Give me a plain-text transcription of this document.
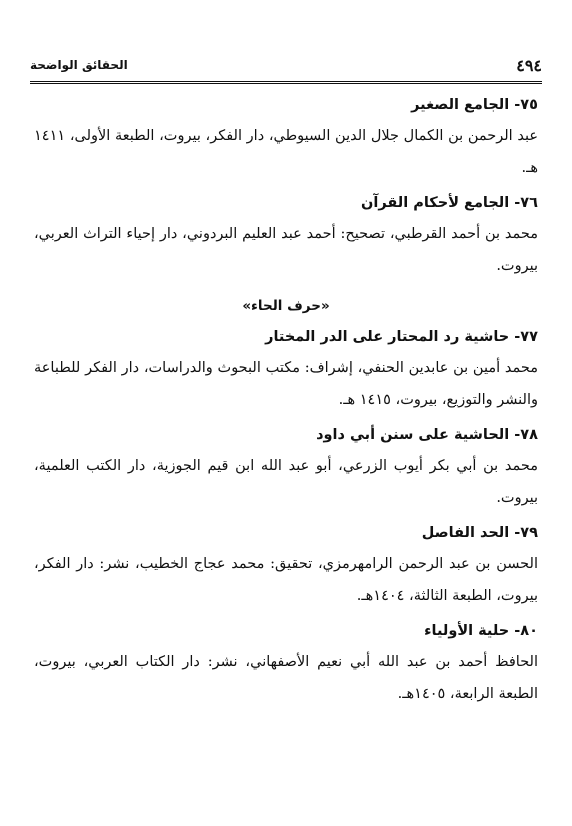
٤٩٤
الحقائق الواضحة
٧٥- الجامع الصغير

عبد الرحمن بن الكمال جلال الدين السيوطي، دار الفكر، بيروت، الطبعة الأولى، ١٤١١ هـ.

٧٦- الجامع لأحكام القرآن

محمد بن أحمد القرطبي، تصحيح: أحمد عبد العليم البردوني، دار إحياء التراث العربي، بيروت.

«حرف الحاء»
٧٧- حاشية رد المحتار على الدر المختار

محمد أمين بن عابدين الحنفي، إشراف: مكتب البحوث والدراسات، دار الفكر للطباعة والنشر والتوزيع، بيروت، ١٤١٥ هـ.

٧٨- الحاشية على سنن أبي داود

محمد بن أبي بكر أيوب الزرعي، أبو عبد الله ابن قيم الجوزية، دار الكتب العلمية، بيروت.

٧٩- الحد الفاصل

الحسن بن عبد الرحمن الرامهرمزي، تحقيق: محمد عجاج الخطيب، نشر: دار الفكر، بيروت، الطبعة الثالثة، ١٤٠٤هـ.

٨٠- حلية الأولياء

الحافظ أحمد بن عبد الله أبي نعيم الأصفهاني، نشر: دار الكتاب العربي، بيروت، الطبعة الرابعة، ١٤٠٥هـ.
